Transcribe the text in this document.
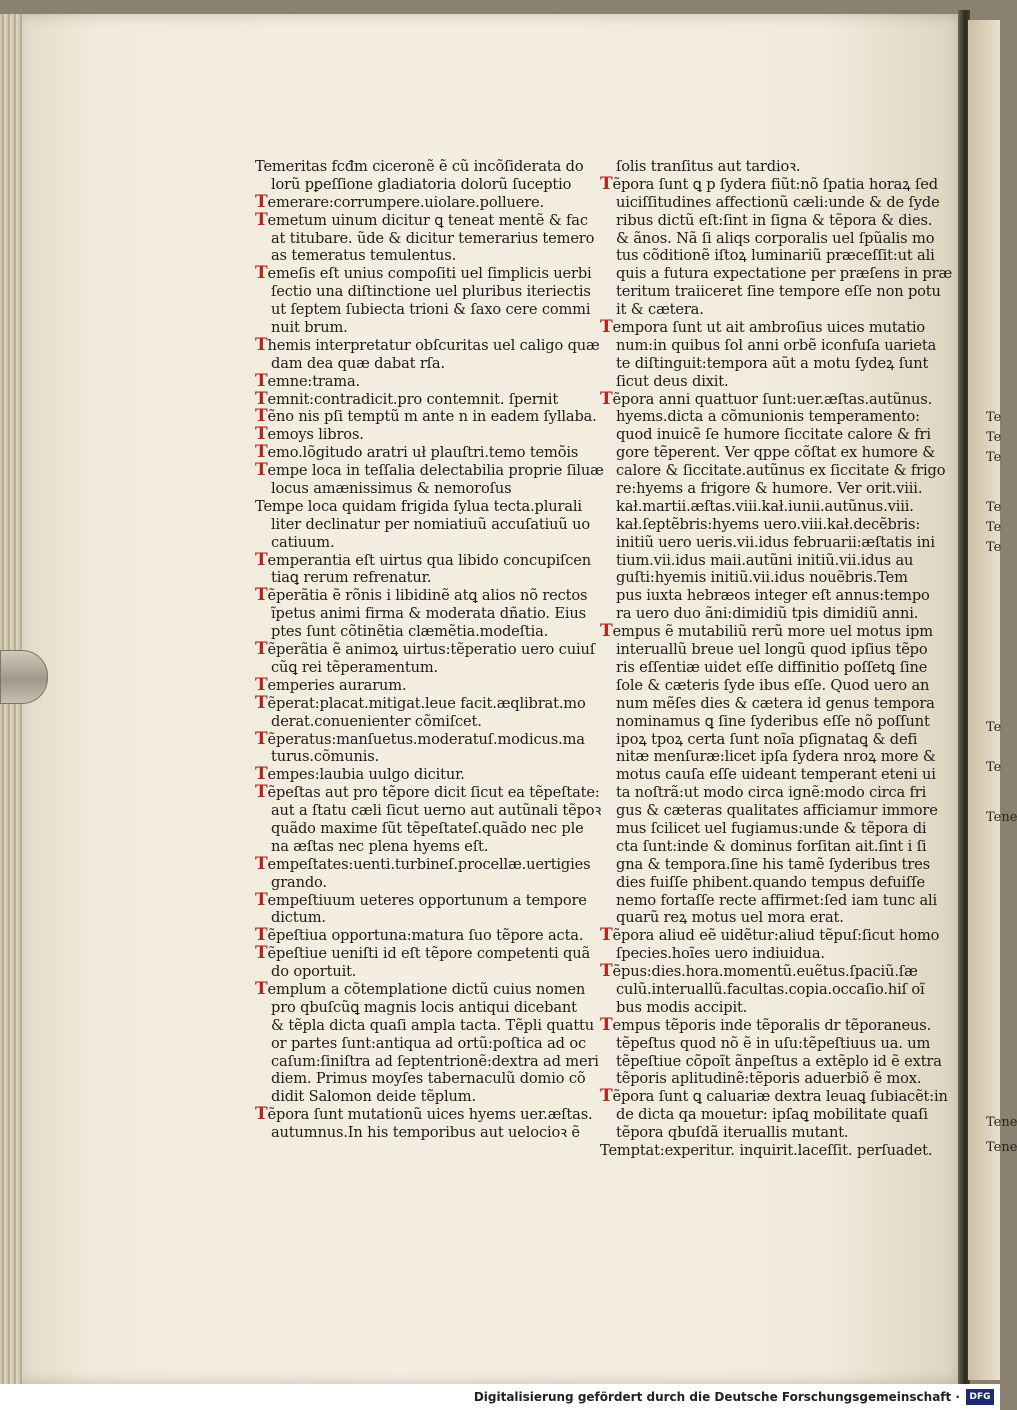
Te
Te
Te
Te
Te
Te
Te
Te
Tene
Tene
Tene
Temeritas fcđm ciceronẽ ẽ cũ incõſiderata do
lorũ pꝑeſſione gladiatoria dolorũ ſuceptio
Temerare:corrumpere.uiolare.polluere.
Temetum uinum dicitur ꝗ teneat mentẽ & fac
at titubare. ũde & dicitur temerarius temero
as temeratus temulentus.
Temeſis eſt unius compoſiti uel ſimplicis uerbi
ſectio una diſtinctione uel pluribus iteriectis
ut ſeptem ſubiecta trioni & ſaxo cere commi
nuit brum.
Themis interpretatur obſcuritas uel caligo quæ
dam dea quæ dabat rſa.
Temne:trama.
Temnit:contradicit.pro contemnit. ſpernit
Tẽno nis pſi temptũ m ante n in eadem ſyllaba.
Temoys libros.
Temo.lõgitudo aratri uł plauſtri.temo temõis
Tempe loca in teſſalia delectabilia proprie ſiluæ
locus amænissimus & nemoroſus
Tempe loca quidam frigida ſylua tecta.plurali
liter declinatur per nomiatiuũ accuſatiuũ uo
catiuum.
Temperantia eſt uirtus qua libido concupiſcen
tiaꝗ rerum refrenatur.
Tẽperãtia ẽ rõnis i libidinẽ atꝗ alios nõ rectos
ĩpetus animi firma & moderata dñatio. Eius
ptes ſunt cõtinẽtia clæmẽtia.modeſtia.
Tẽperãtia ẽ animoꝝ uirtus:tẽperatio uero cuiuſ
cũꝗ rei tẽperamentum.
Temperies aurarum.
Tẽperat:placat.mitigat.leue facit.æqlibrat.mo
derat.conuenienter cõmiſcet.
Tẽperatus:manſuetus.moderatuſ.modicus.ma
turus.cõmunis.
Tempes:laubia uulgo dicitur.
Tẽpeſtas aut pro tẽpore dicit ſicut ea tẽpeſtate:
aut a ſtatu cæli ſicut uerno aut autũnali tẽpoꝛ
quãdo maxime ſũt tẽpeſtateſ.quãdo nec ple
na æſtas nec plena hyems eſt.
Tempeſtates:uenti.turbineſ.procellæ.uertigies
grando.
Tempeſtiuum ueteres opportunum a tempore
dictum.
Tẽpeſtiua opportuna:matura ſuo tẽpore acta.
Tẽpeſtiue ueniſti id eſt tẽpore competenti quã
do oportuit.
Templum a cõtemplatione dictũ cuius nomen
pro qbuſcũꝗ magnis locis antiqui dicebant
& tẽpla dicta quaſi ampla tacta. Tẽpli quattu
or partes ſunt:antiqua ad ortũ:poſtica ad oc
caſum:ſiniſtra ad ſeptentrionẽ:dextra ad meri
diem. Primus moyſes tabernaculũ domio cõ
didit Salomon deide tẽplum.
Tẽpora ſunt mutationũ uices hyems uer.æſtas.
autumnus.In his temporibus aut uelocioꝛ ẽ
ſolis tranſitus aut tardioꝛ.
Tẽpora ſunt ꝗ p ſydera fiũt:nõ ſpatia horaꝝ ſed
uiciſſitudines affectionũ cæli:unde & de ſyde
ribus dictũ eſt:ſint in ſigna & tẽpora & dies.
& ãnos. Nã ſi aliqs corporalis uel ſpũalis mo
tus cõditionẽ iſtoꝝ luminariũ præceſſit:ut ali
quis a futura expectatione per præſens in præ
teritum traiiceret ſine tempore eſſe non potu
it & cætera.
Tempora ſunt ut ait ambroſius uices mutatio
num:in quibus ſol anni orbẽ iconfuſa uarieta
te diſtinguit:tempora aũt a motu ſydeꝝ ſunt
ſicut deus dixit.
Tẽpora anni quattuor ſunt:uer.æſtas.autũnus.
hyems.dicta a cõmunionis temperamento:
quod inuicẽ ſe humore ſiccitate calore & fri
gore tẽperent. Ver qppe cõſtat ex humore &
calore & ſiccitate.autũnus ex ſiccitate & frigo
re:hyems a frigore & humore. Ver orit.viii.
kał.martii.æſtas.viii.kał.iunii.autũnus.viii.
kał.ſeptẽbris:hyems uero.viii.kał.decẽbris:
initiũ uero ueris.vii.idus februarii:æſtatis ini
tium.vii.idus maii.autũni initiũ.vii.idus au
guſti:hyemis initiũ.vii.idus nouẽbris.Tem
pus iuxta hebræos integer eſt annus:tempo
ra uero duo ãni:dimidiũ tpis dimidiũ anni.
Tempus ẽ mutabiliũ rerũ more uel motus ipm
interuallũ breue uel longũ quod ipſius tẽpo
ris eſſentiæ uidet eſſe diffinitio poſſetꝗ ſine
ſole & cæteris ſyde ibus eſſe. Quod uero an
num mẽſes dies & cætera id genus tempora
nominamus ꝗ ſine ſyderibus eſſe nõ poſſunt
ipoꝝ tpoꝝ certa ſunt noĩa pſignataꝗ & defi
nitæ menſuræ:licet ipſa ſydera nroꝝ more &
motus cauſa eſſe uideant temperant eteni ui
ta noſtrã:ut modo circa ignẽ:modo circa fri
gus & cæteras qualitates afficiamur immore
mus ſcilicet uel fugiamus:unde & tẽpora di
cta ſunt:inde & dominus forſitan ait.ſint i ſi
gna & tempora.ſine his tamẽ ſyderibus tres
dies fuiſſe phibent.quando tempus defuiſſe
nemo fortaſſe recte affirmet:ſed iam tunc ali
quarũ reꝝ motus uel mora erat.
Tẽpora aliud eẽ uidẽtur:aliud tẽpuſ:ſicut homo
ſpecies.hoĩes uero indiuidua.
Tẽpus:dies.hora.momentũ.euẽtus.ſpaciũ.ſæ
culũ.interuallũ.facultas.copia.occaſio.hiſ oĩ
bus modis accipit.
Tempus tẽporis inde tẽporalis dr tẽporaneus.
tẽpeſtus quod nõ ẽ in uſu:tẽpeſtiuus ua. um
tẽpeſtiue cõpoĩt ãnpeſtus a extẽplo id ẽ extra
tẽporis aplitudinẽ:tẽporis aduerbiõ ẽ mox.
Tẽpora ſunt ꝗ caluariæ dextra leuaꝗ ſubiacẽt:in
de dicta qa mouetur: ipſaꝗ mobilitate quaſi
tẽpora qbuſdã iteruallis mutant.
Temptat:experitur. inquirit.laceſſit. perſuadet.
Digitalisierung gefördert durch die Deutsche Forschungsgemeinschaft ·	DFG
